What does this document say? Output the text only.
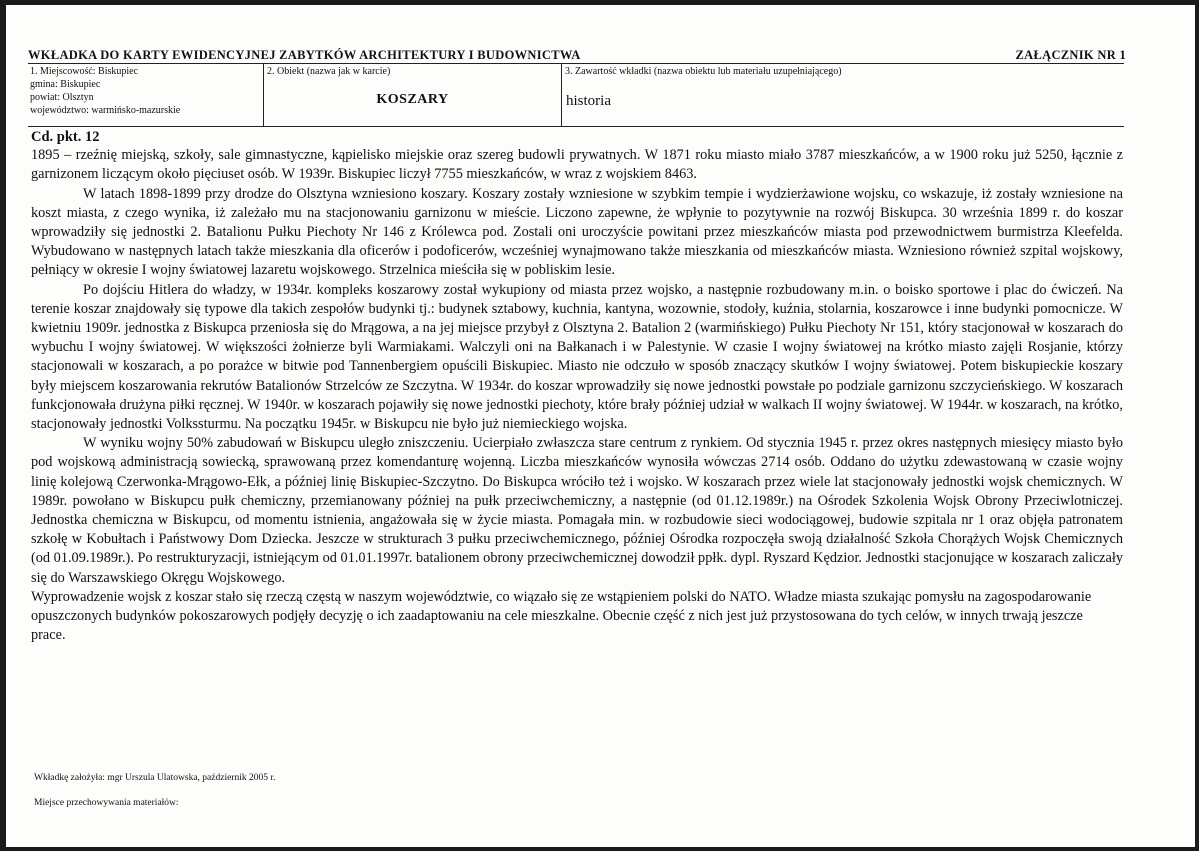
WKŁADKA DO KARTY EWIDENCYJNEJ ZABYTKÓW ARCHITEKTURY I BUDOWNICTWA	ZAŁĄCZNIK NR 1
1. Miejscowość: Biskupiec
gmina: Biskupiec
powiat: Olsztyn
województwo: warmińsko-mazurskie
2. Obiekt (nazwa jak w karcie)
KOSZARY
3. Zawartość wkładki (nazwa obiektu lub materiału uzupełniającego)
historia
Cd. pkt. 12

1895 – rzeźnię miejską, szkoły, sale gimnastyczne, kąpielisko miejskie oraz szereg budowli prywatnych. W 1871 roku miasto miało 3787 mieszkańców, a w 1900 roku już 5250, łącznie z garnizonem liczącym około pięciuset osób. W 1939r. Biskupiec liczył 7755 mieszkańców, w wraz z wojskiem 8463.

W latach 1898-1899 przy drodze do Olsztyna wzniesiono koszary. Koszary zostały wzniesione w szybkim tempie i wydzierżawione wojsku, co wskazuje, iż zostały wzniesione na koszt miasta, z czego wynika, iż zależało mu na stacjonowaniu garnizonu w mieście. Liczono zapewne, że wpłynie to pozytywnie na rozwój Biskupca. 30 września 1899 r. do koszar wprowadziły się jednostki 2. Batalionu Pułku Piechoty Nr 146 z Królewca pod. Zostali oni uroczyście powitani przez mieszkańców miasta pod przewodnictwem burmistrza Kleefelda. Wybudowano w następnych latach także mieszkania dla oficerów i podoficerów, wcześniej wynajmowano także mieszkania od mieszkańców miasta. Wzniesiono również szpital wojskowy, pełniący w okresie I wojny światowej lazaretu wojskowego. Strzelnica mieściła się w pobliskim lesie.

Po dojściu Hitlera do władzy, w 1934r. kompleks koszarowy został wykupiony od miasta przez wojsko, a następnie rozbudowany m.in. o boisko sportowe i plac do ćwiczeń. Na terenie koszar znajdowały się typowe dla takich zespołów budynki tj.: budynek sztabowy, kuchnia, kantyna, wozownie, stodoły, kuźnia, stolarnia, koszarowce i inne budynki pomocnicze. W kwietniu 1909r. jednostka z Biskupca przeniosła się do Mrągowa, a na jej miejsce przybył z Olsztyna 2. Batalion 2 (warmińskiego) Pułku Piechoty Nr 151, który stacjonował w koszarach do wybuchu I wojny światowej. W większości żołnierze byli Warmiakami. Walczyli oni na Bałkanach i w Palestynie. W czasie I wojny światowej na krótko miasto zajęli Rosjanie, którzy stacjonowali w koszarach, a po porażce w bitwie pod Tannenbergiem opuścili Biskupiec. Miasto nie odczuło w sposób znaczący skutków I wojny światowej. Potem biskupieckie koszary były miejscem koszarowania rekrutów Batalionów Strzelców ze Szczytna. W 1934r. do koszar wprowadziły się nowe jednostki powstałe po podziale garnizonu szczycieńskiego. W koszarach funkcjonowała drużyna piłki ręcznej. W 1940r. w koszarach pojawiły się nowe jednostki piechoty, które brały później udział w walkach II wojny światowej. W 1944r. w koszarach, na krótko, stacjonowały jednostki Volkssturmu. Na początku 1945r. w Biskupcu nie było już niemieckiego wojska.

W wyniku wojny 50% zabudowań w Biskupcu uległo zniszczeniu. Ucierpiało zwłaszcza stare centrum z rynkiem. Od stycznia 1945 r. przez okres następnych miesięcy miasto było pod wojskową administracją sowiecką, sprawowaną przez komendanturę wojenną. Liczba mieszkańców wynosiła wówczas 2714 osób. Oddano do użytku zdewastowaną w czasie wojny linię kolejową Czerwonka-Mrągowo-Ełk, a później linię Biskupiec-Szczytno. Do Biskupca wróciło też i wojsko. W koszarach przez wiele lat stacjonowały jednostki wojsk chemicznych. W 1989r. powołano w Biskupcu pułk chemiczny, przemianowany później na pułk przeciwchemiczny, a następnie (od 01.12.1989r.) na Ośrodek Szkolenia Wojsk Obrony Przeciwlotniczej. Jednostka chemiczna w Biskupcu, od momentu istnienia, angażowała się w życie miasta. Pomagała min. w rozbudowie sieci wodociągowej, budowie szpitala nr 1 oraz objęła patronatem szkołę w Kobułtach i Państwowy Dom Dziecka. Jeszcze w strukturach 3 pułku przeciwchemicznego, później Ośrodka rozpoczęła swoją działalność Szkoła Chorążych Wojsk Chemicznych (od 01.09.1989r.). Po restrukturyzacji, istniejącym od 01.01.1997r. batalionem obrony przeciwchemicznej dowodził ppłk. dypl. Ryszard Kędzior. Jednostki stacjonujące w koszarach zaliczały się do Warszawskiego Okręgu Wojskowego.

Wyprowadzenie wojsk z koszar stało się rzeczą częstą w naszym województwie, co wiązało się ze wstąpieniem polski do NATO. Władze miasta szukając pomysłu na zagospodarowanie opuszczonych budynków pokoszarowych podjęły decyzję o ich zaadaptowaniu na cele mieszkalne. Obecnie część z nich jest już przystosowana do tych celów, w innych trwają jeszcze prace.

Wkładkę założyła: mgr Urszula Ulatowska, październik 2005 r.
Miejsce przechowywania materiałów:
